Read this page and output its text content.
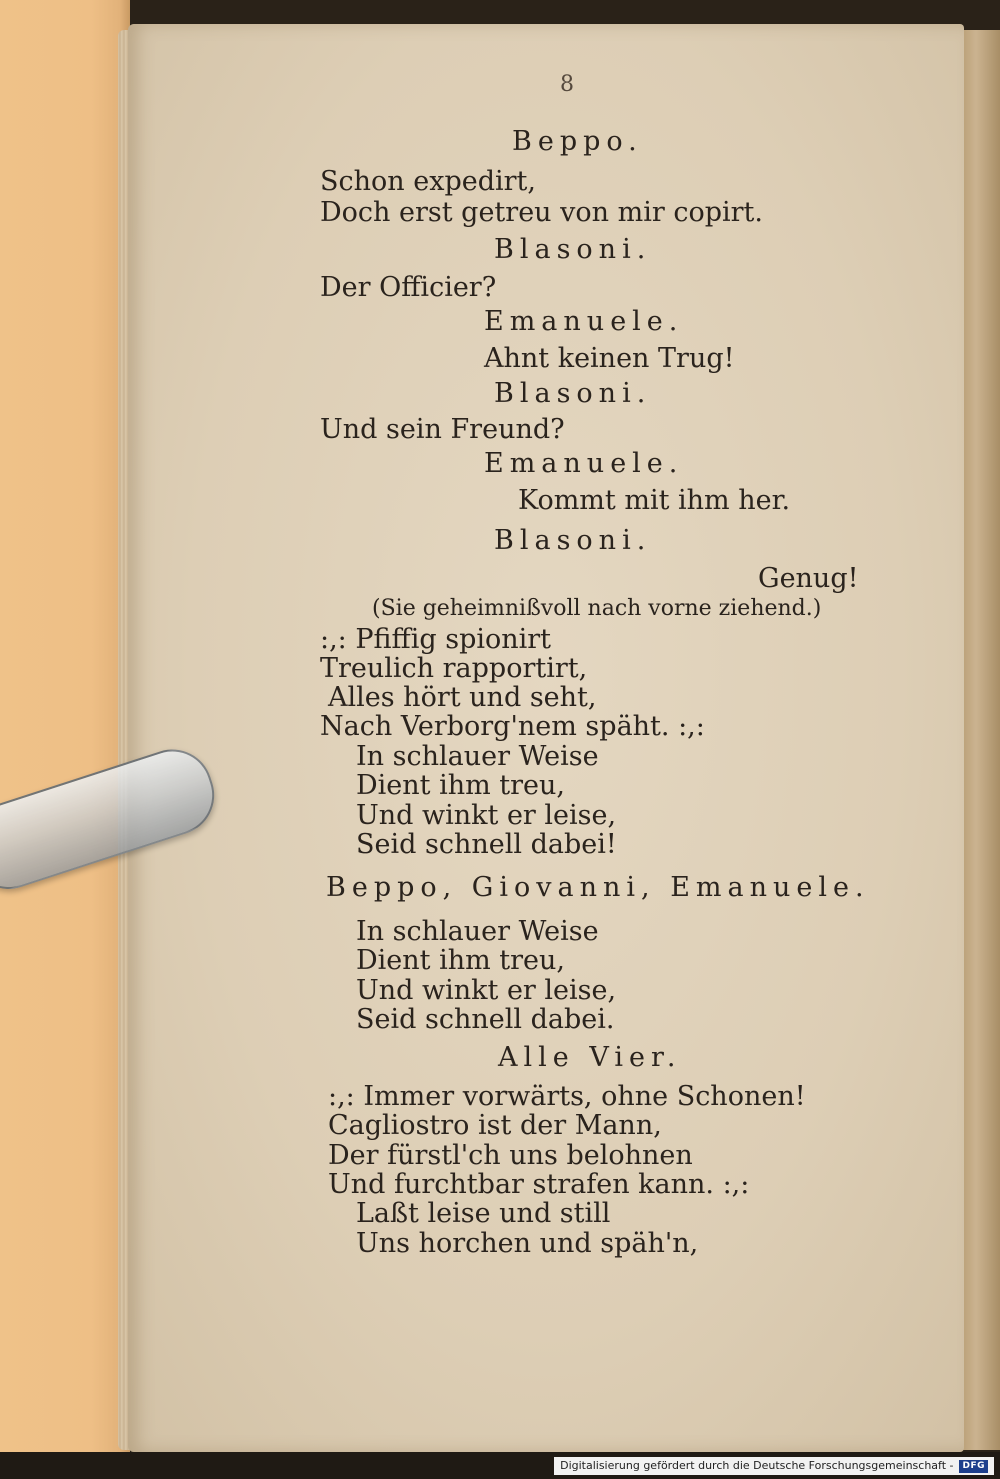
8
Beppo.
Schon expedirt,
Doch erst getreu von mir copirt.
Blasoni.
Der Officier?
Emanuele.
Ahnt keinen Trug!
Blasoni.
Und sein Freund?
Emanuele.
Kommt mit ihm her.
Blasoni.
Genug!
(Sie geheimnißvoll nach vorne ziehend.)
:,: Pfiffig spionirt
Treulich rapportirt,
Alles hört und seht,
Nach Verborg'nem späht. :,:
In schlauer Weise
Dient ihm treu,
Und winkt er leise,
Seid schnell dabei!
Beppo, Giovanni, Emanuele.
In schlauer Weise
Dient ihm treu,
Und winkt er leise,
Seid schnell dabei.
Alle Vier.
:,: Immer vorwärts, ohne Schonen!
Cagliostro ist der Mann,
Der fürstl'ch uns belohnen
Und furchtbar strafen kann. :,:
Laßt leise und still
Uns horchen und späh'n,
Digitalisierung gefördert durch die Deutsche Forschungsgemeinschaft -	DFG
